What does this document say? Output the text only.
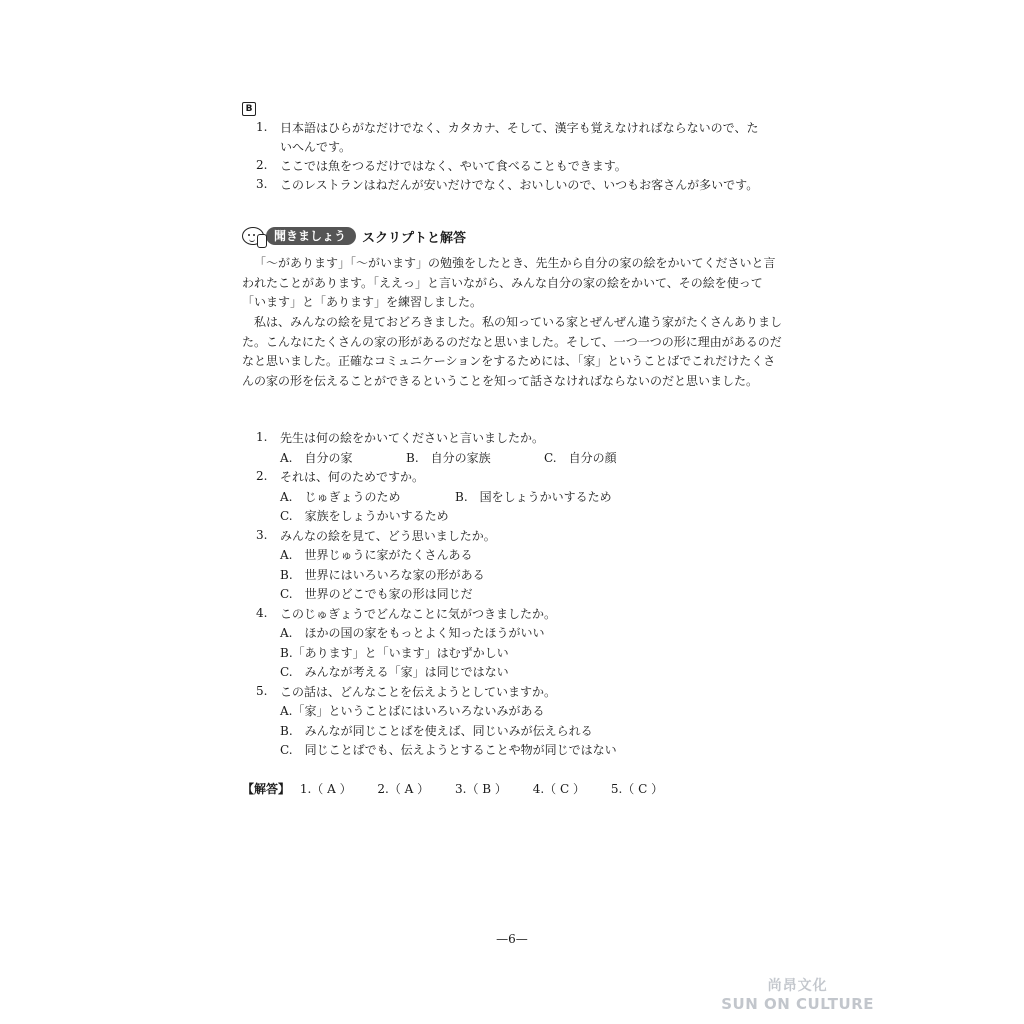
B
1. 日本語はひらがなだけでなく、カタカナ、そして、漢字も覚えなければならないので、た
いへんです。
2. ここでは魚をつるだけではなく、やいて食べることもできます。
3. このレストランはねだんが安いだけでなく、おいしいので、いつもお客さんが多いです。
聞きましょう	スクリプトと解答
「～があります」「～がいます」の勉強をしたとき、先生から自分の家の絵をかいてくださいと言われたことがあります。「ええっ」と言いながら、みんな自分の家の絵をかいて、その絵を使って「います」と「あります」を練習しました。
私は、みんなの絵を見ておどろきました。私の知っている家とぜんぜん違う家がたくさんありました。こんなにたくさんの家の形があるのだなと思いました。そして、一つ一つの形に理由があるのだなと思いました。正確なコミュニケーションをするためには、「家」ということばでこれだけたくさんの家の形を伝えることができるということを知って話さなければならないのだと思いました。
1. 先生は何の絵をかいてくださいと言いましたか。
A.　自分の家	B.　自分の家族	C.　自分の顔
2. それは、何のためですか。
A.　じゅぎょうのため	B.　国をしょうかいするため
C.　家族をしょうかいするため
3. みんなの絵を見て、どう思いましたか。
A.　世界じゅうに家がたくさんある
B.　世界にはいろいろな家の形がある
C.　世界のどこでも家の形は同じだ
4. このじゅぎょうでどんなことに気がつきましたか。
A.　ほかの国の家をもっとよく知ったほうがいい
B.「あります」と「います」はむずかしい
C.　みんなが考える「家」は同じではない
5. この話は、どんなことを伝えようとしていますか。
A.「家」ということばにはいろいろないみがある
B.　みんなが同じことばを使えば、同じいみが伝えられる
C.　同じことばでも、伝えようとすることや物が同じではない
【解答】 1.（ A ） 2.（ A ） 3.（ B ） 4.（ C ） 5.（ C ）
—6—
尚昂文化
SUN ON CULTURE
